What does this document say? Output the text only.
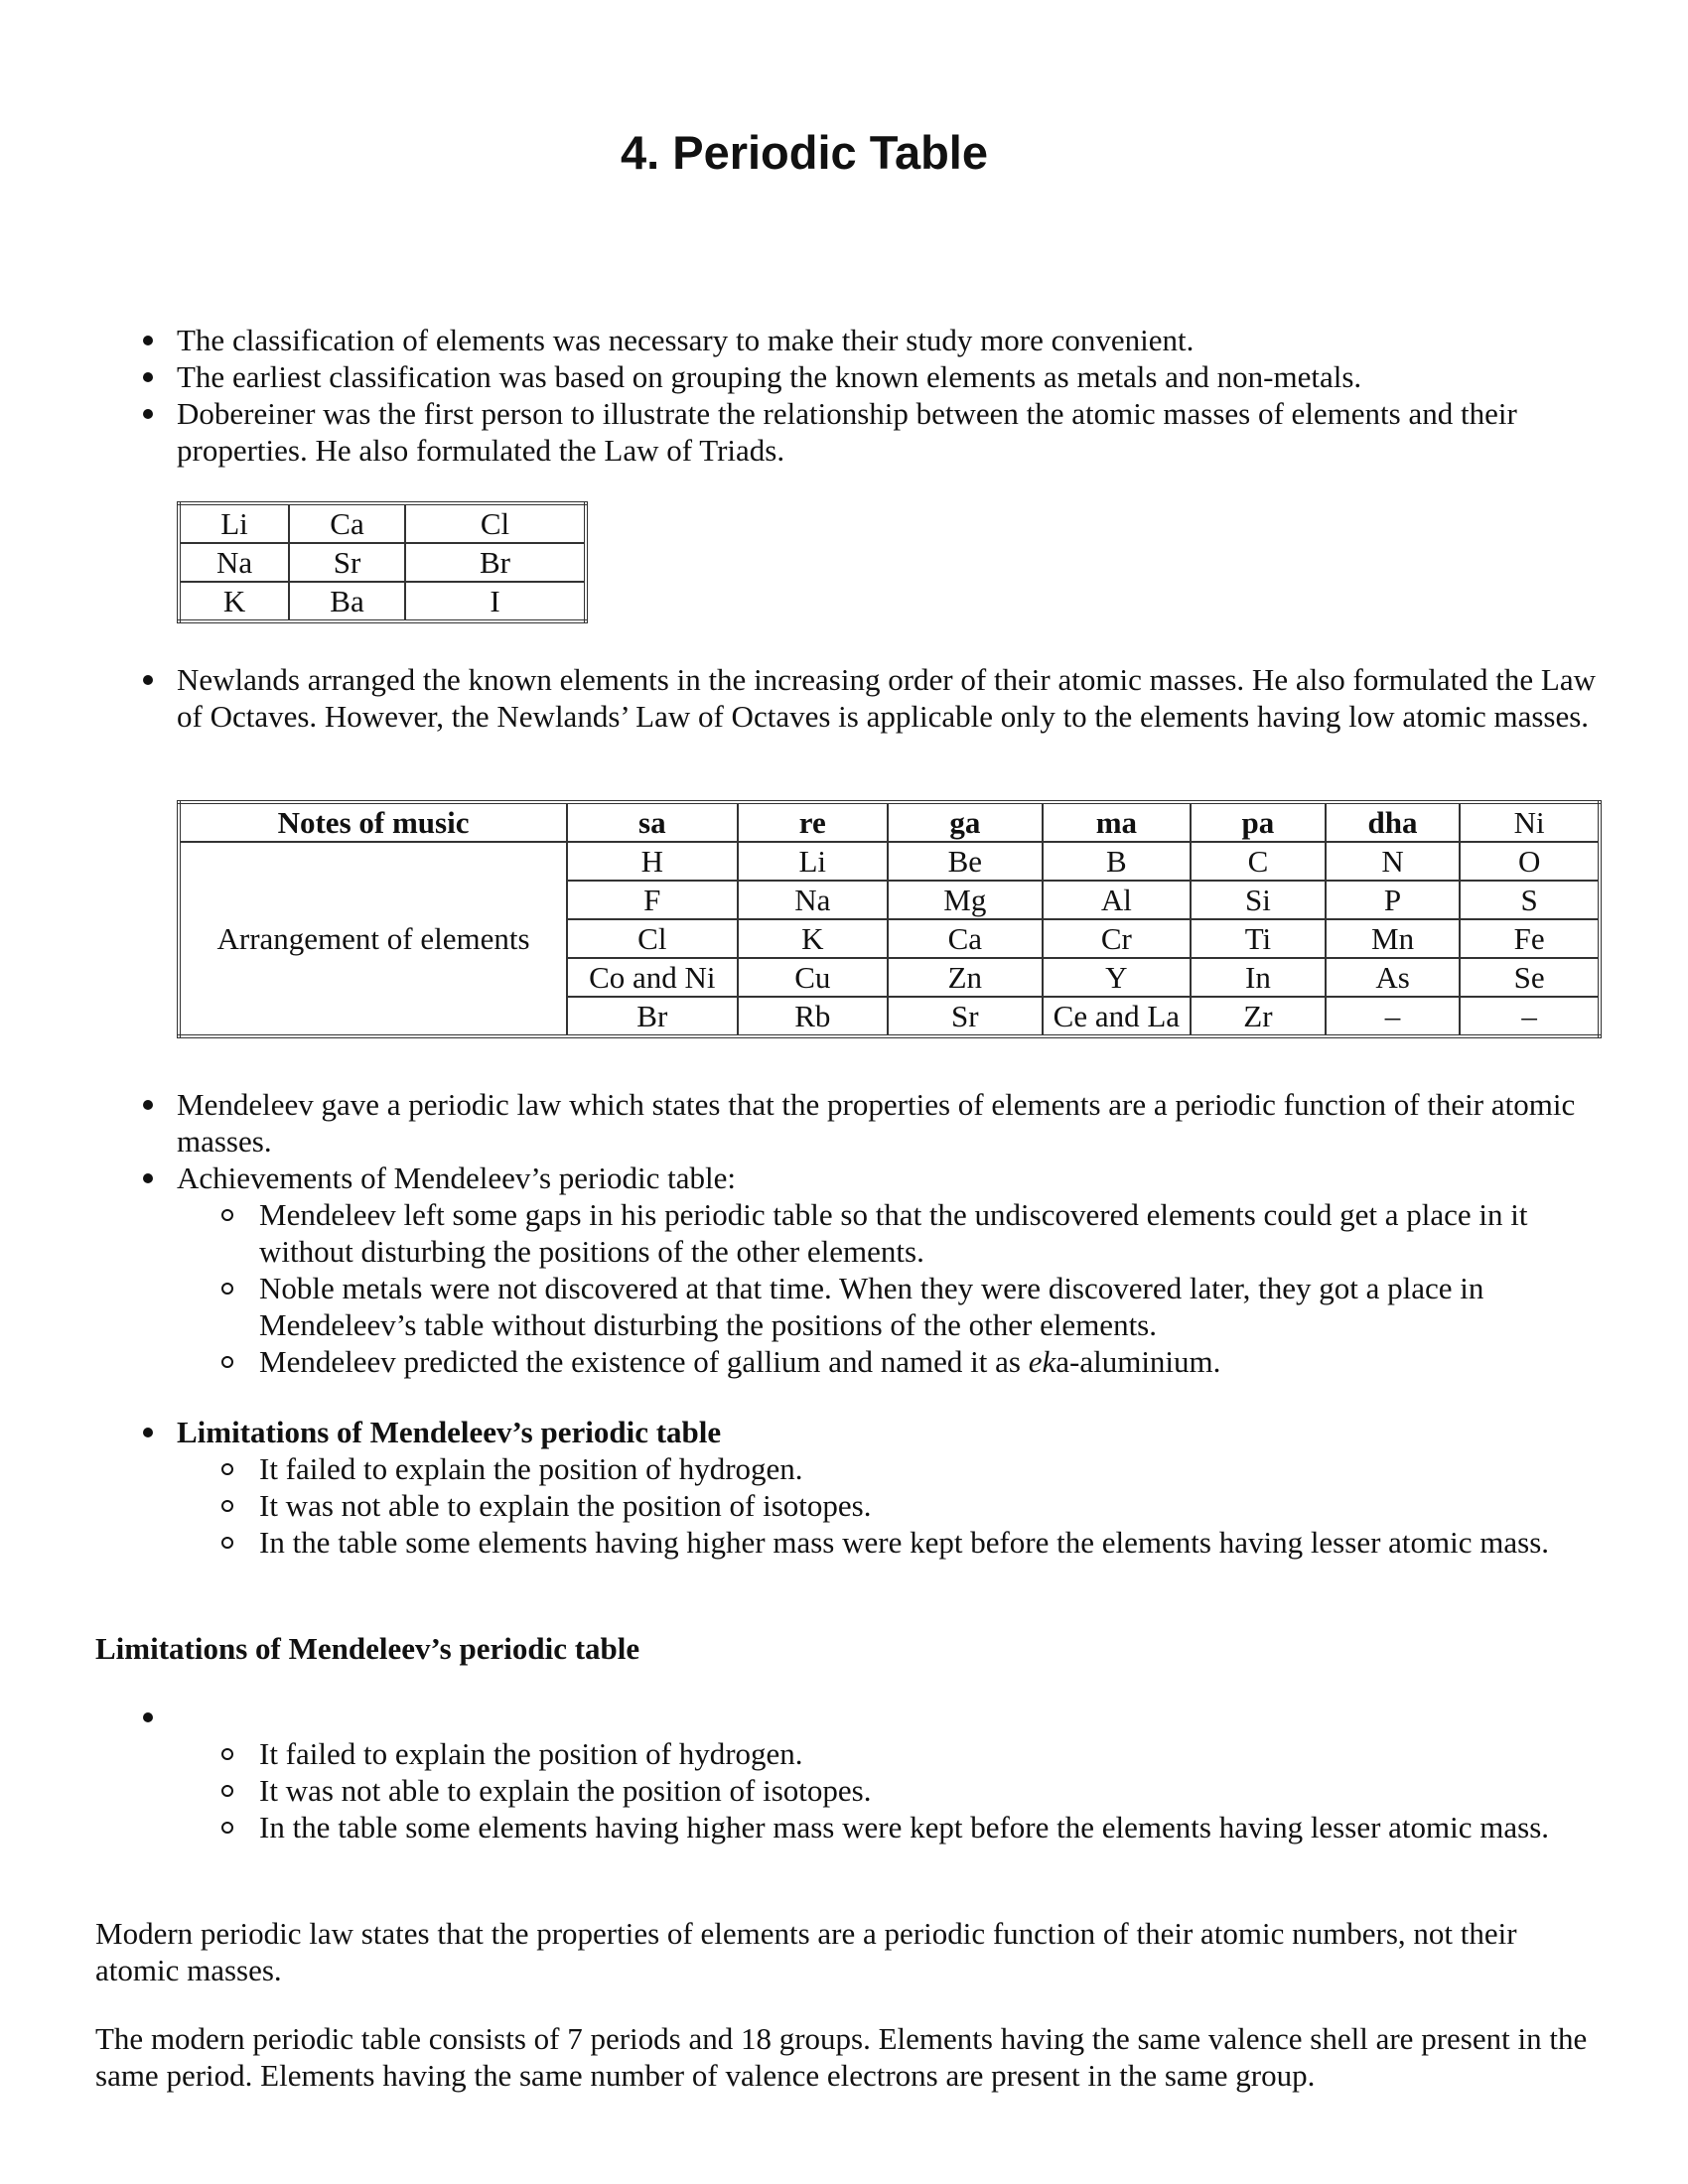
4. Periodic Table
The classification of elements was necessary to make their study more convenient.
The earliest classification was based on grouping the known elements as metals and non-metals.
Dobereiner was the first person to illustrate the relationship between the atomic masses of elements and their properties. He also formulated the Law of Triads.
Li	Ca	Cl
Na	Sr	Br
K	Ba	I
Newlands arranged the known elements in the increasing order of their atomic masses. He also formulated the Law of Octaves. However, the Newlands’ Law of Octaves is applicable only to the elements having low atomic masses.
Notes of music	sa	re	ga	ma	pa	dha	Ni
Arrangement of elements	H	Li	Be	B	C	N	O
	F	Na	Mg	Al	Si	P	S
	Cl	K	Ca	Cr	Ti	Mn	Fe
	Co and Ni	Cu	Zn	Y	In	As	Se
	Br	Rb	Sr	Ce and La	Zr	–	–
Mendeleev gave a periodic law which states that the properties of elements are a periodic function of their atomic masses.
Achievements of Mendeleev’s periodic table:
Mendeleev left some gaps in his periodic table so that the undiscovered elements could get a place in it without disturbing the positions of the other elements.
Noble metals were not discovered at that time. When they were discovered later, they got a place in Mendeleev’s table without disturbing the positions of the other elements.
Mendeleev predicted the existence of gallium and named it as eka-aluminium.
Limitations of Mendeleev’s periodic table
It failed to explain the position of hydrogen.
It was not able to explain the position of isotopes.
In the table some elements having higher mass were kept before the elements having lesser atomic mass.

Limitations of Mendeleev’s periodic table

It failed to explain the position of hydrogen.
It was not able to explain the position of isotopes.
In the table some elements having higher mass were kept before the elements having lesser atomic mass.

Modern periodic law states that the properties of elements are a periodic function of their atomic numbers, not their atomic masses.

The modern periodic table consists of 7 periods and 18 groups. Elements having the same valence shell are present in the same period. Elements having the same number of valence electrons are present in the same group.
